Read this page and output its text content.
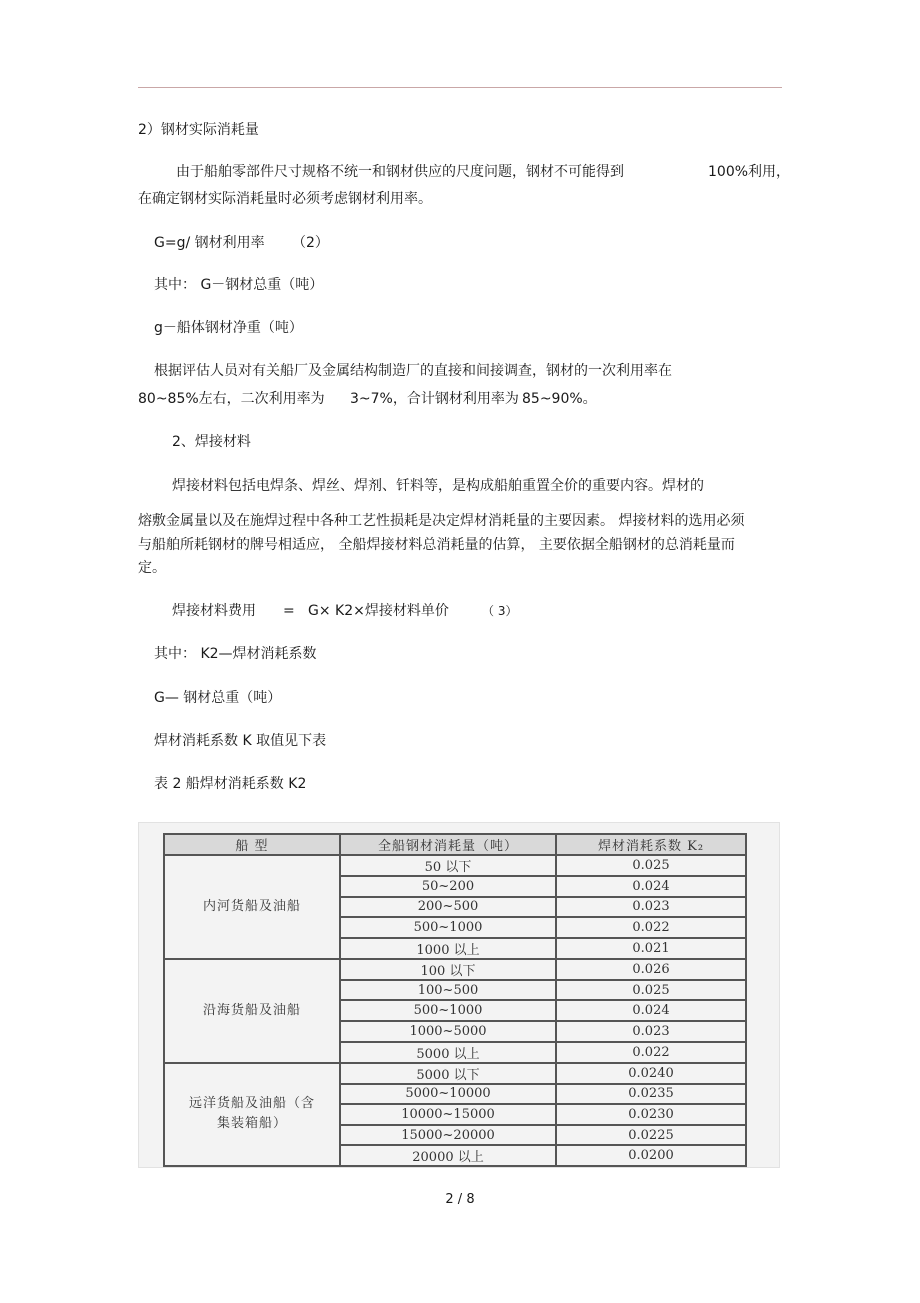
2）钢材实际消耗量
由于船舶零部件尺寸规格不统一和钢材供应的尺度问题，钢材不可能得到	100%利用，
在确定钢材实际消耗量时必须考虑钢材利用率。
G=g/ 钢材利用率 （2）
其中： G－钢材总重（吨）
g－船体钢材净重（吨）
根据评估人员对有关船厂及金属结构制造厂的直接和间接调查，钢材的一次利用率在
80~85%左右，二次利用率为 3~7%，合计钢材利用率为 85~90%。
2、焊接材料
焊接材料包括电焊条、焊丝、焊剂、钎料等，是构成船舶重置全价的重要内容。焊材的
熔敷金属量以及在施焊过程中各种工艺性损耗是决定焊材消耗量的主要因素。 焊接材料的选用必须
与船舶所耗钢材的牌号相适应， 全船焊接材料总消耗量的估算， 主要依据全船钢材的总消耗量而
定。
焊接材料费用 = G× K2×焊接材料单价	（ 3）
其中： K2—焊材消耗系数
G— 钢材总重（吨）
焊材消耗系数 K 取值见下表
表 2 船焊材消耗系数 K2
船 型	全船钢材消耗量（吨）	焊材消耗系数 K₂
内河货船及油船	50 以下	0.025
	50~200	0.024
	200~500	0.023
	500~1000	0.022
	1000 以上	0.021
沿海货船及油船	100 以下	0.026
	100~500	0.025
	500~1000	0.024
	1000~5000	0.023
	5000 以上	0.022
远洋货船及油船（含
集装箱船）	5000 以下	0.0240
	5000~10000	0.0235
	10000~15000	0.0230
	15000~20000	0.0225
	20000 以上	0.0200
2 / 8
